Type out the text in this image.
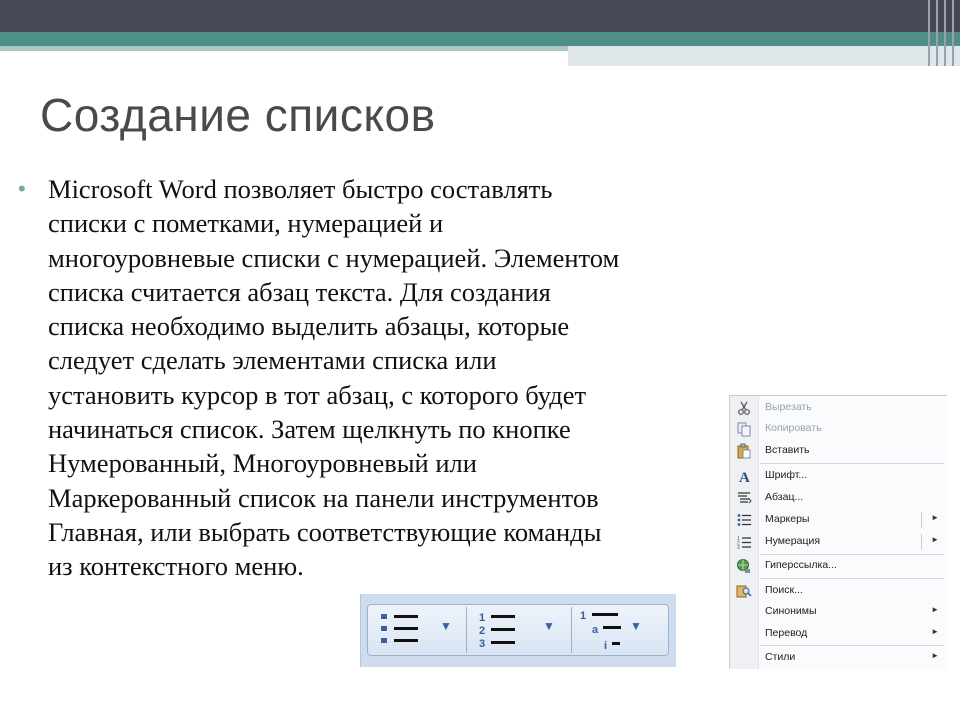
Создание списков
• Microsoft Word позволяет быстро составлять
списки с пометками, нумерацией и
многоуровневые списки с нумерацией. Элементом
списка считается абзац текста. Для создания
списка необходимо выделить абзацы, которые
следует сделать элементами списка или
установить курсор в тот абзац, с которого будет
начинаться список. Затем щелкнуть по кнопке
Нумерованный, Многоуровневый или
Маркерованный список на панели инструментов
Главная, или выбрать соответствующие команды
из контекстного меню.

Вырезать
Копировать
Вставить
A Шрифт...
Абзац...
Маркеры	►
1
2
3
Нумерация	►
Гиперссылка...
Поиск...
Синонимы	►
Перевод	►
Стили	►
▼
1
2
3
▼
1
a
i
▼
